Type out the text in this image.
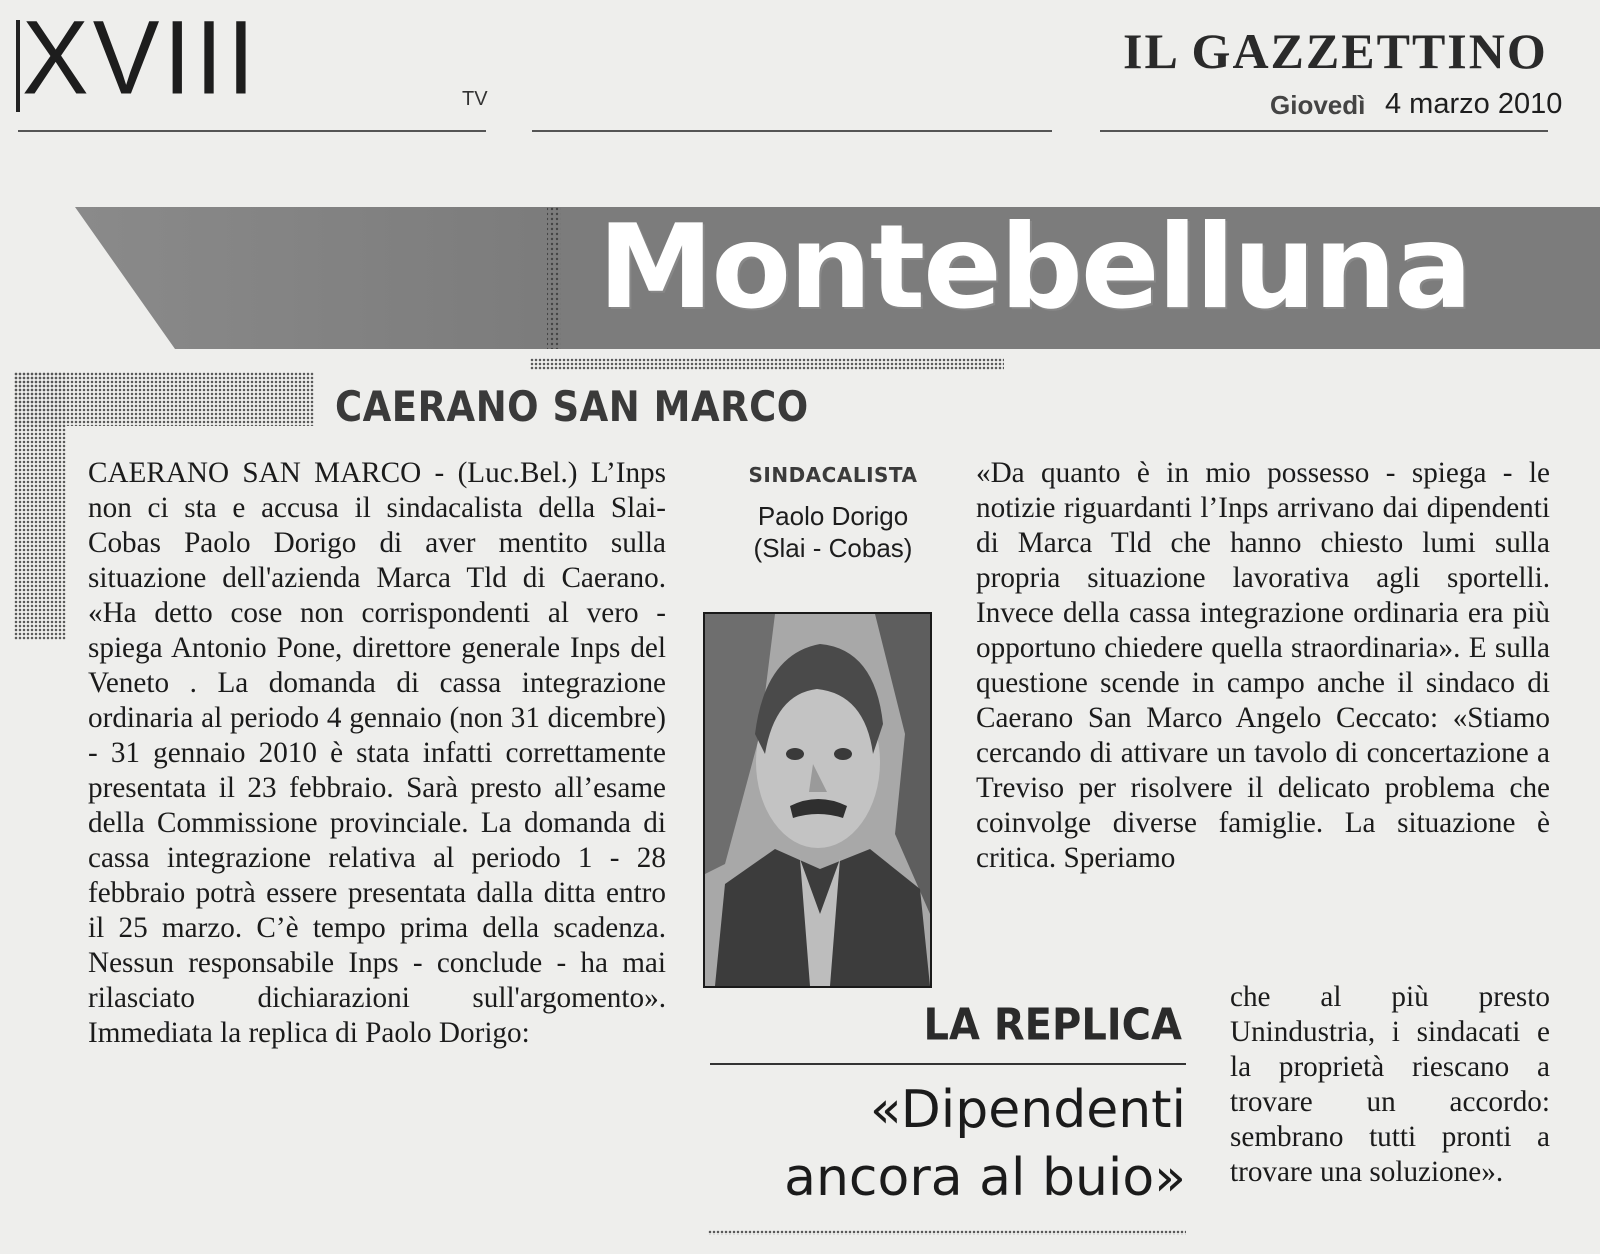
XVIII	TV
IL GAZZETTINO
Giovedì 4 marzo 2010
Montebelluna
CAERANO SAN MARCO

CAERANO SAN MARCO - (Luc.Bel.) L’Inps non ci sta e accusa il sindacalista della Slai-Cobas Paolo Dorigo di aver mentito sulla situazione dell'azienda Marca Tld di Caerano. «Ha detto cose non corrispondenti al vero - spiega Antonio Pone, direttore generale Inps del Veneto . La domanda di cassa integrazione ordinaria al periodo 4 gennaio (non 31 dicembre) - 31 gennaio 2010 è stata infatti correttamente presentata il 23 febbraio. Sarà presto all’esame della Commissione provinciale. La domanda di cassa integrazione relativa al periodo 1 - 28 febbraio potrà essere presentata dalla ditta entro il 25 marzo. C’è tempo prima della scadenza. Nessun responsabile Inps - conclude - ha mai rilasciato dichiarazioni sull'argomento». Immediata la replica di Paolo Dorigo:

SINDACALISTA
Paolo Dorigo
(Slai - Cobas)

«Da quanto è in mio possesso - spiega - le notizie riguardanti l’Inps arrivano dai dipendenti di Marca Tld che hanno chiesto lumi sulla propria situazione lavorativa agli sportelli. Invece della cassa integrazione ordinaria era più opportuno chiedere quella straordinaria». E sulla questione scende in campo anche il sindaco di Caerano San Marco Angelo Ceccato: «Stiamo cercando di attivare un tavolo di concertazione a Treviso per risolvere il delicato problema che coinvolge diverse famiglie. La situazione è critica. Speriamo

che al più presto Unindustria, i sindacati e la proprietà riescano a trovare un accordo: sembrano tutti pronti a trovare una soluzione».

LA REPLICA
«Dipendenti
ancora al buio»
